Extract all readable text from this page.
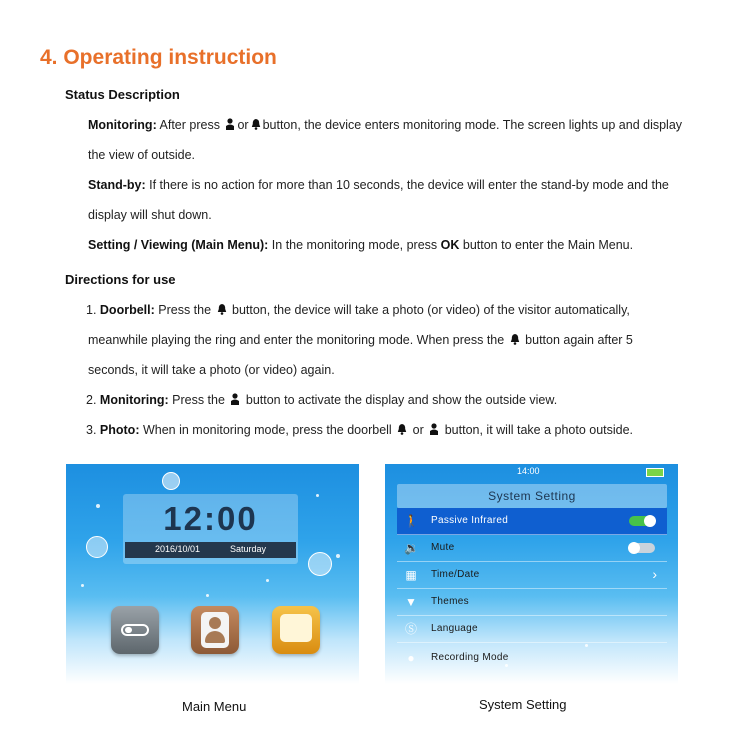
4. Operating instruction
Status Description
Monitoring: After press or button, the device enters monitoring mode. The screen lights up and display
the view of outside.
Stand-by: If there is no action for more than 10 seconds, the device will enter the stand-by mode and the
display will shut down.
Setting / Viewing (Main Menu): In the monitoring mode, press OK button to enter the Main Menu.
Directions for use
1. Doorbell: Press the  button, the device will take a photo (or video) of the visitor automatically,
meanwhile playing the ring and enter the monitoring mode. When press the  button again after 5
seconds, it will take a photo (or video) again.
2. Monitoring: Press the  button to activate the display and show the outside view.
3. Photo: When in monitoring mode, press the doorbell  or  button, it will take a photo outside.
12:00
2016/10/01	Saturday
Main Menu
14:00
System Setting
🚶 Passive Infrared
🔉 Mute
▦ Time/Date	›
▼ Themes
Ⓢ Language
●	Recording Mode
System Setting
